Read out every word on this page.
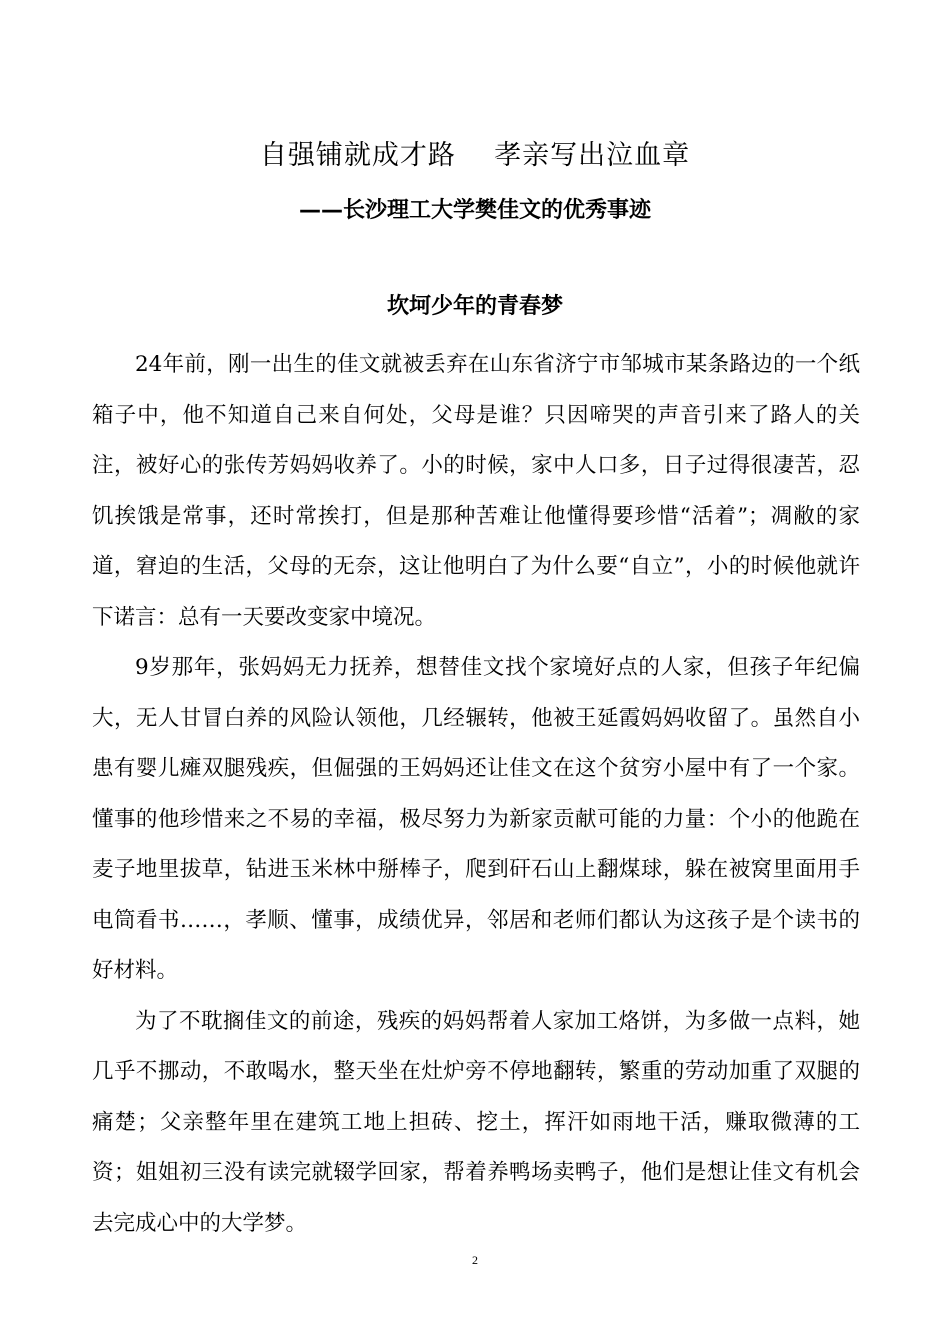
自强铺就成才路    孝亲写出泣血章
——长沙理工大学樊佳文的优秀事迹
坎坷少年的青春梦

24年前，刚一出生的佳文就被丢弃在山东省济宁市邹城市某条路边的一个纸箱子中，他不知道自己来自何处，父母是谁？只因啼哭的声音引来了路人的关注，被好心的张传芳妈妈收养了。小的时候，家中人口多，日子过得很凄苦，忍饥挨饿是常事，还时常挨打，但是那种苦难让他懂得要珍惜“活着”；凋敝的家道，窘迫的生活，父母的无奈，这让他明白了为什么要“自立”，小的时候他就许下诺言：总有一天要改变家中境况。

9岁那年，张妈妈无力抚养，想替佳文找个家境好点的人家，但孩子年纪偏大，无人甘冒白养的风险认领他，几经辗转，他被王延霞妈妈收留了。虽然自小患有婴儿瘫双腿残疾，但倔强的王妈妈还让佳文在这个贫穷小屋中有了一个家。懂事的他珍惜来之不易的幸福，极尽努力为新家贡献可能的力量：个小的他跪在麦子地里拔草，钻进玉米林中掰棒子，爬到矸石山上翻煤球，躲在被窝里面用手电筒看书……，孝顺、懂事，成绩优异，邻居和老师们都认为这孩子是个读书的好材料。

为了不耽搁佳文的前途，残疾的妈妈帮着人家加工烙饼，为多做一点料，她几乎不挪动，不敢喝水，整天坐在灶炉旁不停地翻转，繁重的劳动加重了双腿的痛楚；父亲整年里在建筑工地上担砖、挖土，挥汗如雨地干活，赚取微薄的工资；姐姐初三没有读完就辍学回家，帮着养鸭场卖鸭子，他们是想让佳文有机会去完成心中的大学梦。

2
